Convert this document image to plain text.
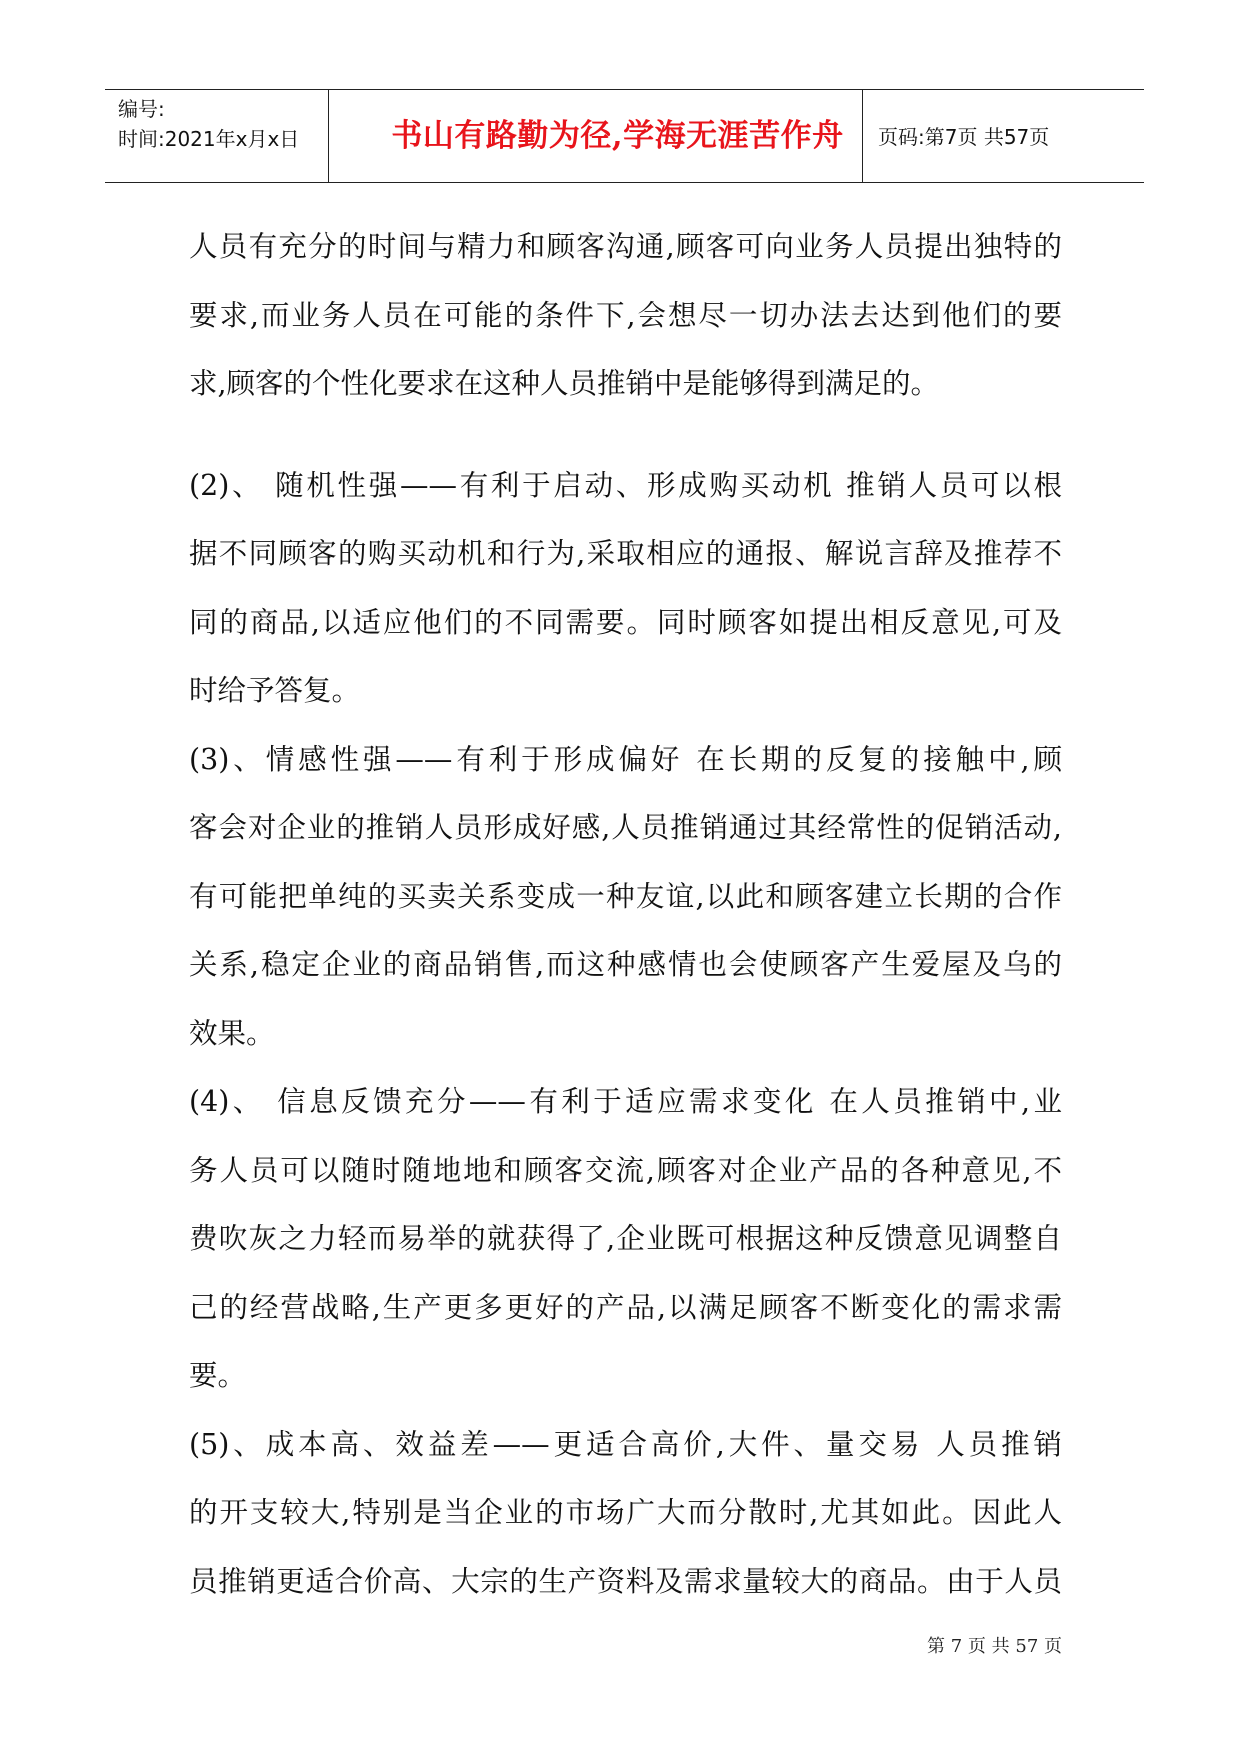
编号:
时间:2021年x月x日	书山有路勤为径,学海无涯苦作舟	页码:第7页 共57页
人员有充分的时间与精力和顾客沟通,顾客可向业务人员提出独特的
要求,而业务人员在可能的条件下,会想尽一切办法去达到他们的要
求,顾客的个性化要求在这种人员推销中是能够得到满足的。
(2)、 随机性强——有利于启动、形成购买动机 推销人员可以根
据不同顾客的购买动机和行为,采取相应的通报、解说言辞及推荐不
同的商品,以适应他们的不同需要。同时顾客如提出相反意见,可及
时给予答复。
(3)、情感性强——有利于形成偏好 在长期的反复的接触中,顾
客会对企业的推销人员形成好感,人员推销通过其经常性的促销活动,
有可能把单纯的买卖关系变成一种友谊,以此和顾客建立长期的合作
关系,稳定企业的商品销售,而这种感情也会使顾客产生爱屋及乌的
效果。
(4)、 信息反馈充分——有利于适应需求变化 在人员推销中,业
务人员可以随时随地地和顾客交流,顾客对企业产品的各种意见,不
费吹灰之力轻而易举的就获得了,企业既可根据这种反馈意见调整自
己的经营战略,生产更多更好的产品,以满足顾客不断变化的需求需
要。
(5)、成本高、效益差——更适合高价,大件、量交易 人员推销
的开支较大,特别是当企业的市场广大而分散时,尤其如此。因此人
员推销更适合价高、大宗的生产资料及需求量较大的商品。由于人员
第 7 页 共 57 页
